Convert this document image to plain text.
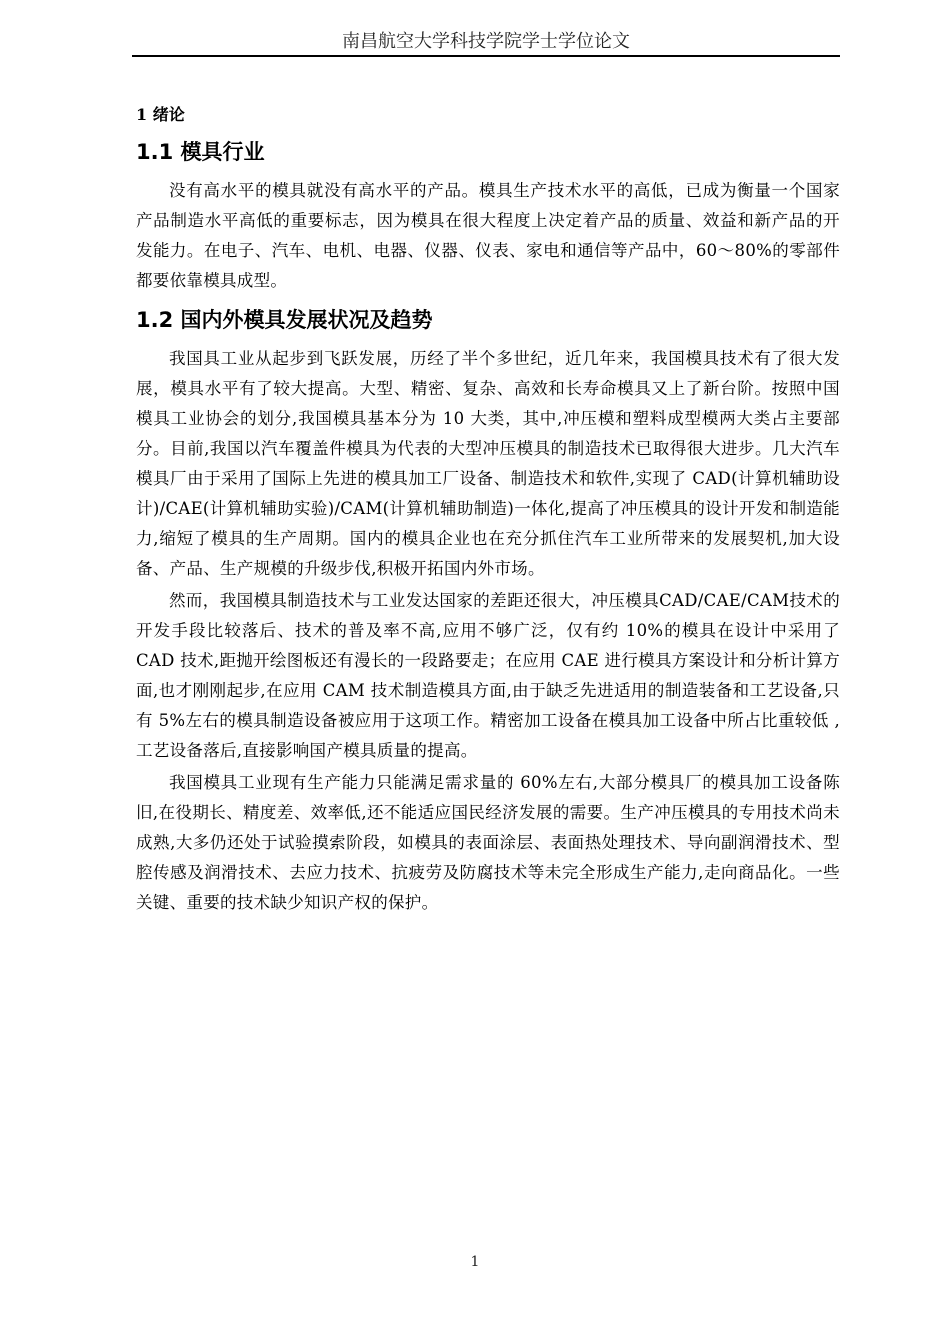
南昌航空大学科技学院学士学位论文
1 绪论
1.1 模具行业

没有高水平的模具就没有高水平的产品。模具生产技术水平的高低，已成为衡量一个国家产品制造水平高低的重要标志，因为模具在很大程度上决定着产品的质量、效益和新产品的开发能力。在电子、汽车、电机、电器、仪器、仪表、家电和通信等产品中，60～80%的零部件都要依靠模具成型。

1.2 国内外模具发展状况及趋势

我国具工业从起步到飞跃发展，历经了半个多世纪，近几年来，我国模具技术有了很大发展，模具水平有了较大提高。大型、精密、复杂、高效和长寿命模具又上了新台阶。按照中国模具工业协会的划分,我国模具基本分为 10 大类，其中,冲压模和塑料成型模两大类占主要部分。目前,我国以汽车覆盖件模具为代表的大型冲压模具的制造技术已取得很大进步。几大汽车模具厂由于采用了国际上先进的模具加工厂设备、制造技术和软件,实现了 CAD(计算机辅助设计)/CAE(计算机辅助实验)/CAM(计算机辅助制造)一体化,提高了冲压模具的设计开发和制造能力,缩短了模具的生产周期。国内的模具企业也在充分抓住汽车工业所带来的发展契机,加大设备、产品、生产规模的升级步伐,积极开拓国内外市场。

然而，我国模具制造技术与工业发达国家的差距还很大，冲压模具CAD/CAE/CAM技术的开发手段比较落后、技术的普及率不高,应用不够广泛，仅有约 10%的模具在设计中采用了 CAD 技术,距抛开绘图板还有漫长的一段路要走；在应用 CAE 进行模具方案设计和分析计算方面,也才刚刚起步,在应用 CAM 技术制造模具方面,由于缺乏先进适用的制造装备和工艺设备,只有 5%左右的模具制造设备被应用于这项工作。精密加工设备在模具加工设备中所占比重较低 ,工艺设备落后,直接影响国产模具质量的提高。

我国模具工业现有生产能力只能满足需求量的 60%左右,大部分模具厂的模具加工设备陈旧,在役期长、精度差、效率低,还不能适应国民经济发展的需要。生产冲压模具的专用技术尚未成熟,大多仍还处于试验摸索阶段，如模具的表面涂层、表面热处理技术、导向副润滑技术、型腔传感及润滑技术、去应力技术、抗疲劳及防腐技术等未完全形成生产能力,走向商品化。一些关键、重要的技术缺少知识产权的保护。

1
